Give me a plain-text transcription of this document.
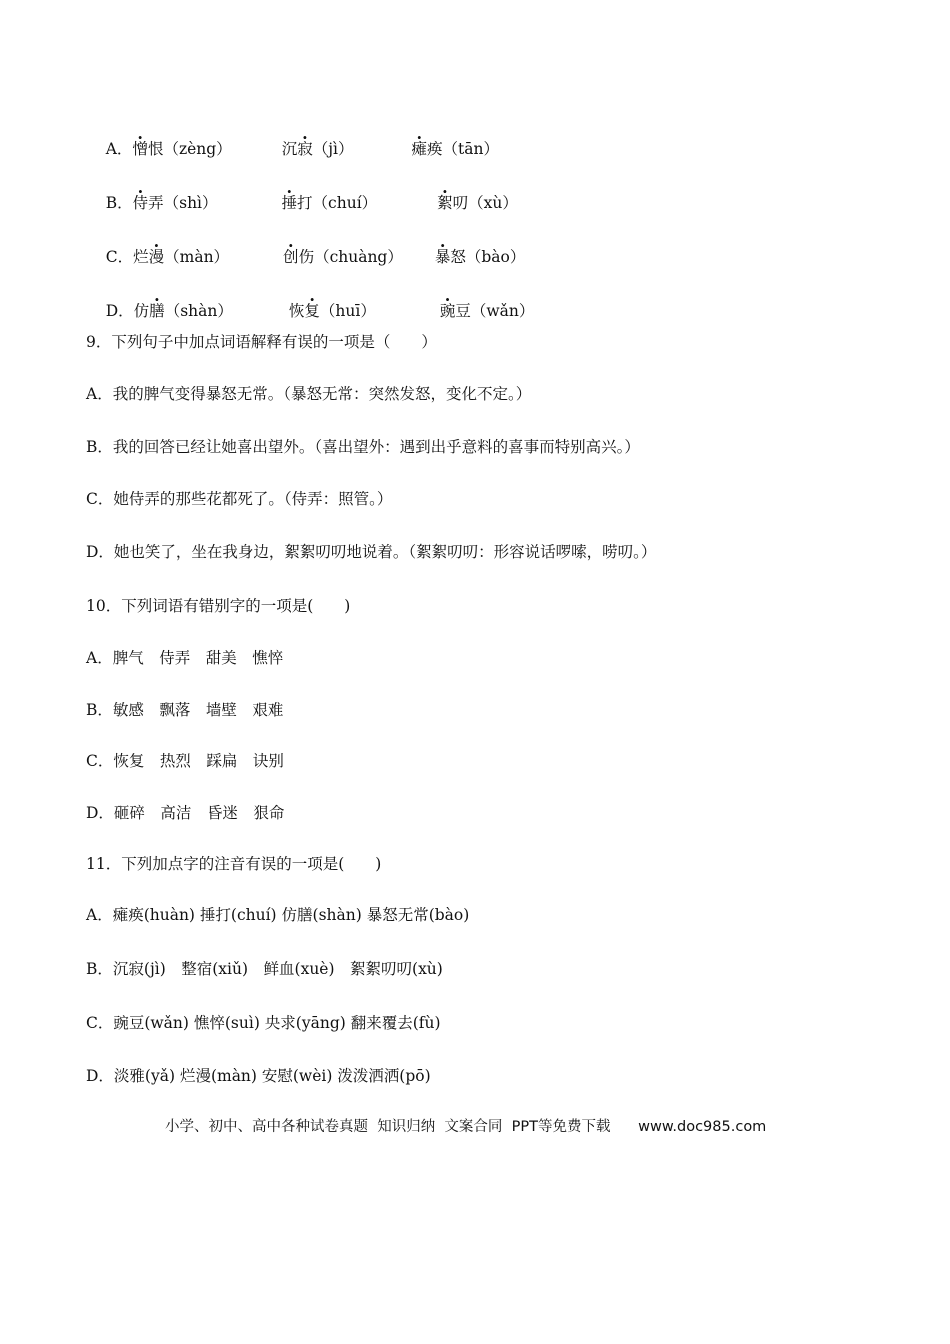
A．憎恨（zèng）	沉寂（jì）	瘫痪（tān）

B．侍弄（shì）	捶打（chuí）	絮叨（xù）

C．烂漫（màn）	创伤（chuàng） 暴怒（bào）

D．仿膳（shàn）	恢复（huī）	豌豆（wǎn）

9．下列句子中加点词语解释有误的一项是（　　）
A．我的脾气变得暴怒无常。（暴怒无常：突然发怒，变化不定。）
B．我的回答已经让她喜出望外。（喜出望外：遇到出乎意料的喜事而特别高兴。）
C．她侍弄的那些花都死了。（侍弄：照管。）
D．她也笑了，坐在我身边，絮絮叨叨地说着。（絮絮叨叨：形容说话啰嗦，唠叨。）
10．下列词语有错别字的一项是(　　)
A．脾气　侍弄　甜美　憔悴
B．敏感　飘落　墙壁　艰难
C．恢复　热烈　踩扁　诀别
D．砸碎　高洁　昏迷　狠命
11．下列加点字的注音有误的一项是(　　)
A．瘫痪(huàn) 捶打(chuí) 仿膳(shàn) 暴怒无常(bào)
B．沉寂(jì)　整宿(xiǔ)　鲜血(xuè)　絮絮叨叨(xù)
C．豌豆(wǎn) 憔悴(suì) 央求(yāng) 翻来覆去(fù)
D．淡雅(yǎ) 烂漫(màn) 安慰(wèi) 泼泼洒洒(pō)
小学、初中、高中各种试卷真题  知识归纳  文案合同  PPT等免费下载      www.doc985.com
